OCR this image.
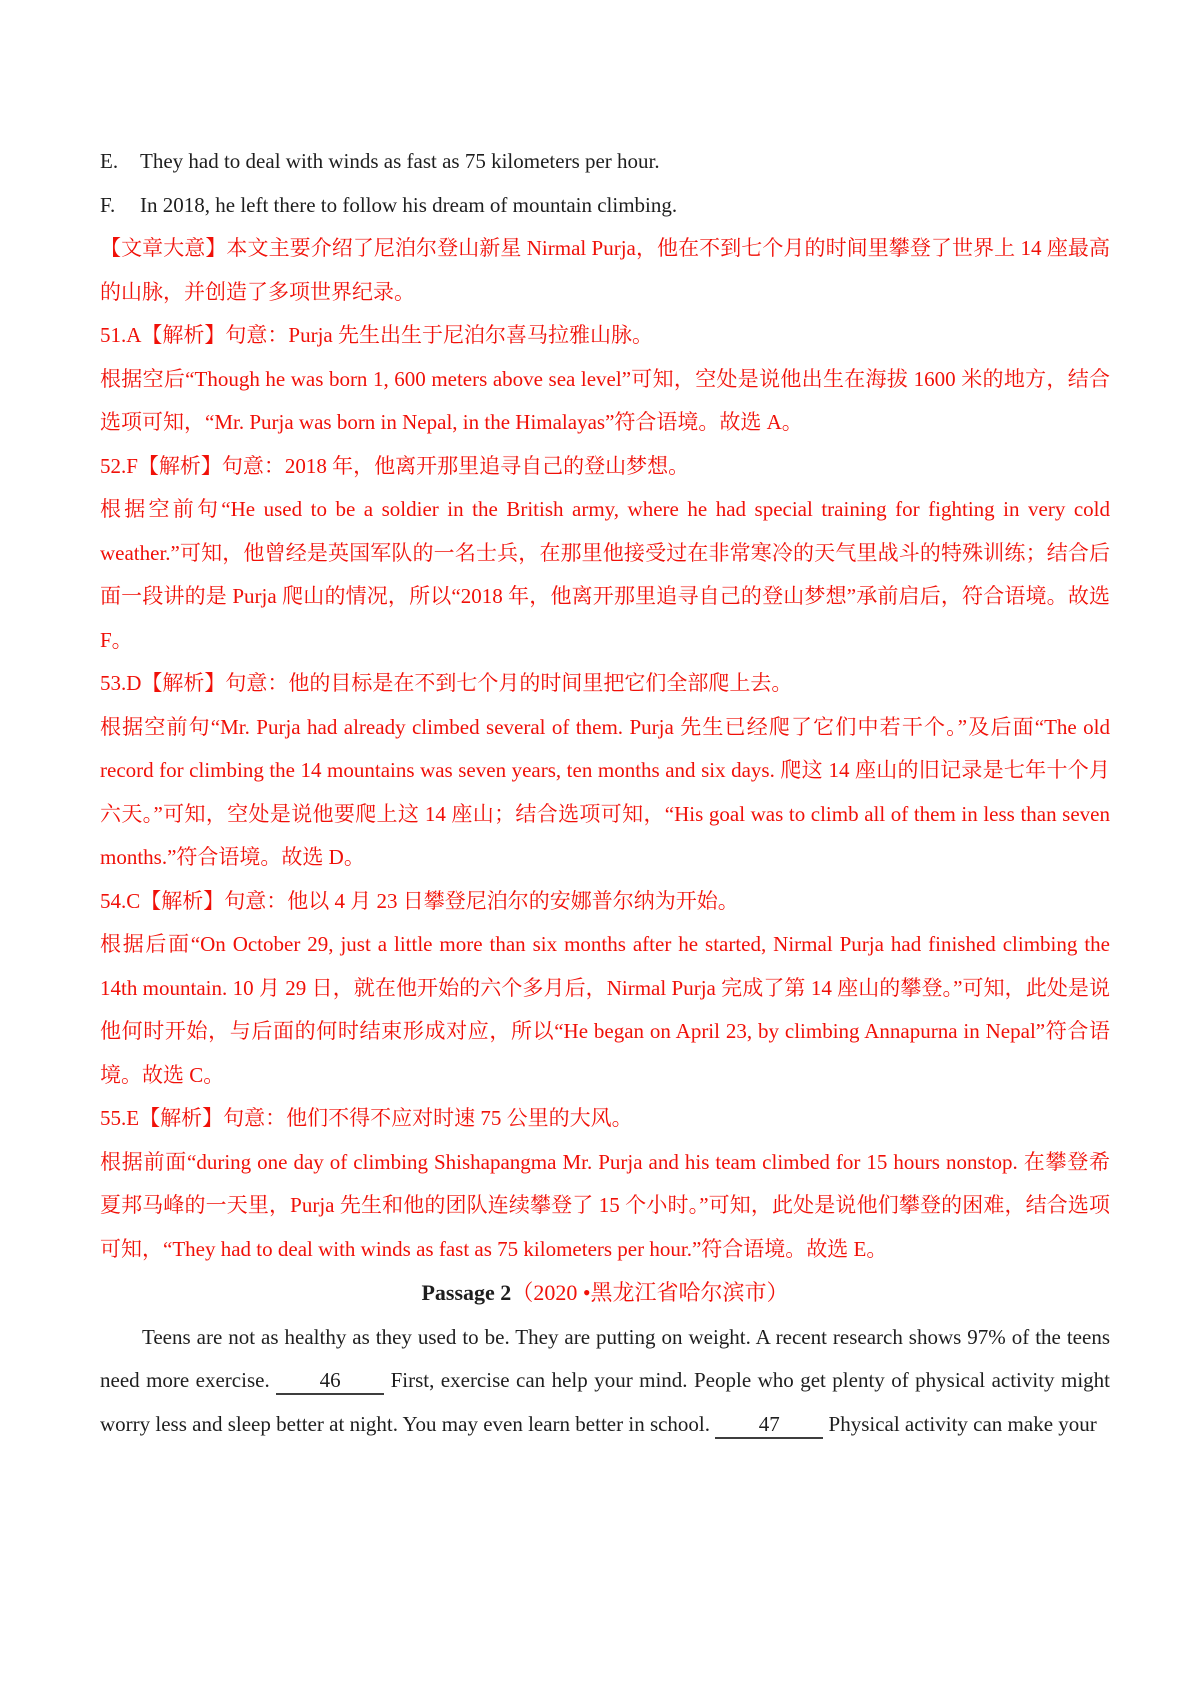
E.	They had to deal with winds as fast as 75 kilometers per hour.
F.	In 2018, he left there to follow his dream of mountain climbing.

【文章大意】本文主要介绍了尼泊尔登山新星 Nirmal Purja，他在不到七个月的时间里攀登了世界上 14 座最高的山脉，并创造了多项世界纪录。

51.A【解析】句意：Purja 先生出生于尼泊尔喜马拉雅山脉。

根据空后“Though he was born 1, 600 meters above sea level”可知，空处是说他出生在海拔 1600 米的地方，结合选项可知，“Mr. Purja was born in Nepal, in the Himalayas”符合语境。故选 A。

52.F【解析】句意：2018 年，他离开那里追寻自己的登山梦想。

根据空前句“He used to be a soldier in the British army, where he had special training for fighting in very cold weather.”可知，他曾经是英国军队的一名士兵，在那里他接受过在非常寒冷的天气里战斗的特殊训练；结合后面一段讲的是 Purja 爬山的情况，所以“2018 年，他离开那里追寻自己的登山梦想”承前启后，符合语境。故选 F。

53.D【解析】句意：他的目标是在不到七个月的时间里把它们全部爬上去。

根据空前句“Mr. Purja had already climbed several of them. Purja 先生已经爬了它们中若干个。”及后面“The old record for climbing the 14 mountains was seven years, ten months and six days. 爬这 14 座山的旧记录是七年十个月六天。”可知，空处是说他要爬上这 14 座山；结合选项可知，“His goal was to climb all of them in less than seven months.”符合语境。故选 D。

54.C【解析】句意：他以 4 月 23 日攀登尼泊尔的安娜普尔纳为开始。

根据后面“On October 29, just a little more than six months after he started, Nirmal Purja had finished climbing the 14th mountain. 10 月 29 日，就在他开始的六个多月后，Nirmal Purja 完成了第 14 座山的攀登。”可知，此处是说他何时开始，与后面的何时结束形成对应，所以“He began on April 23, by climbing Annapurna in Nepal”符合语境。故选 C。

55.E【解析】句意：他们不得不应对时速 75 公里的大风。

根据前面“during one day of climbing Shishapangma Mr. Purja and his team climbed for 15 hours nonstop. 在攀登希夏邦马峰的一天里，Purja 先生和他的团队连续攀登了 15 个小时。”可知，此处是说他们攀登的困难，结合选项可知，“They had to deal with winds as fast as 75 kilometers per hour.”符合语境。故选 E。

Passage 2（2020 •黑龙江省哈尔滨市）

Teens are not as healthy as they used to be. They are putting on weight. A recent research shows 97% of the teens need more exercise. 46 First, exercise can help your mind. People who get plenty of physical activity might worry less and sleep better at night. You may even learn better in school. 47 Physical activity can make your
